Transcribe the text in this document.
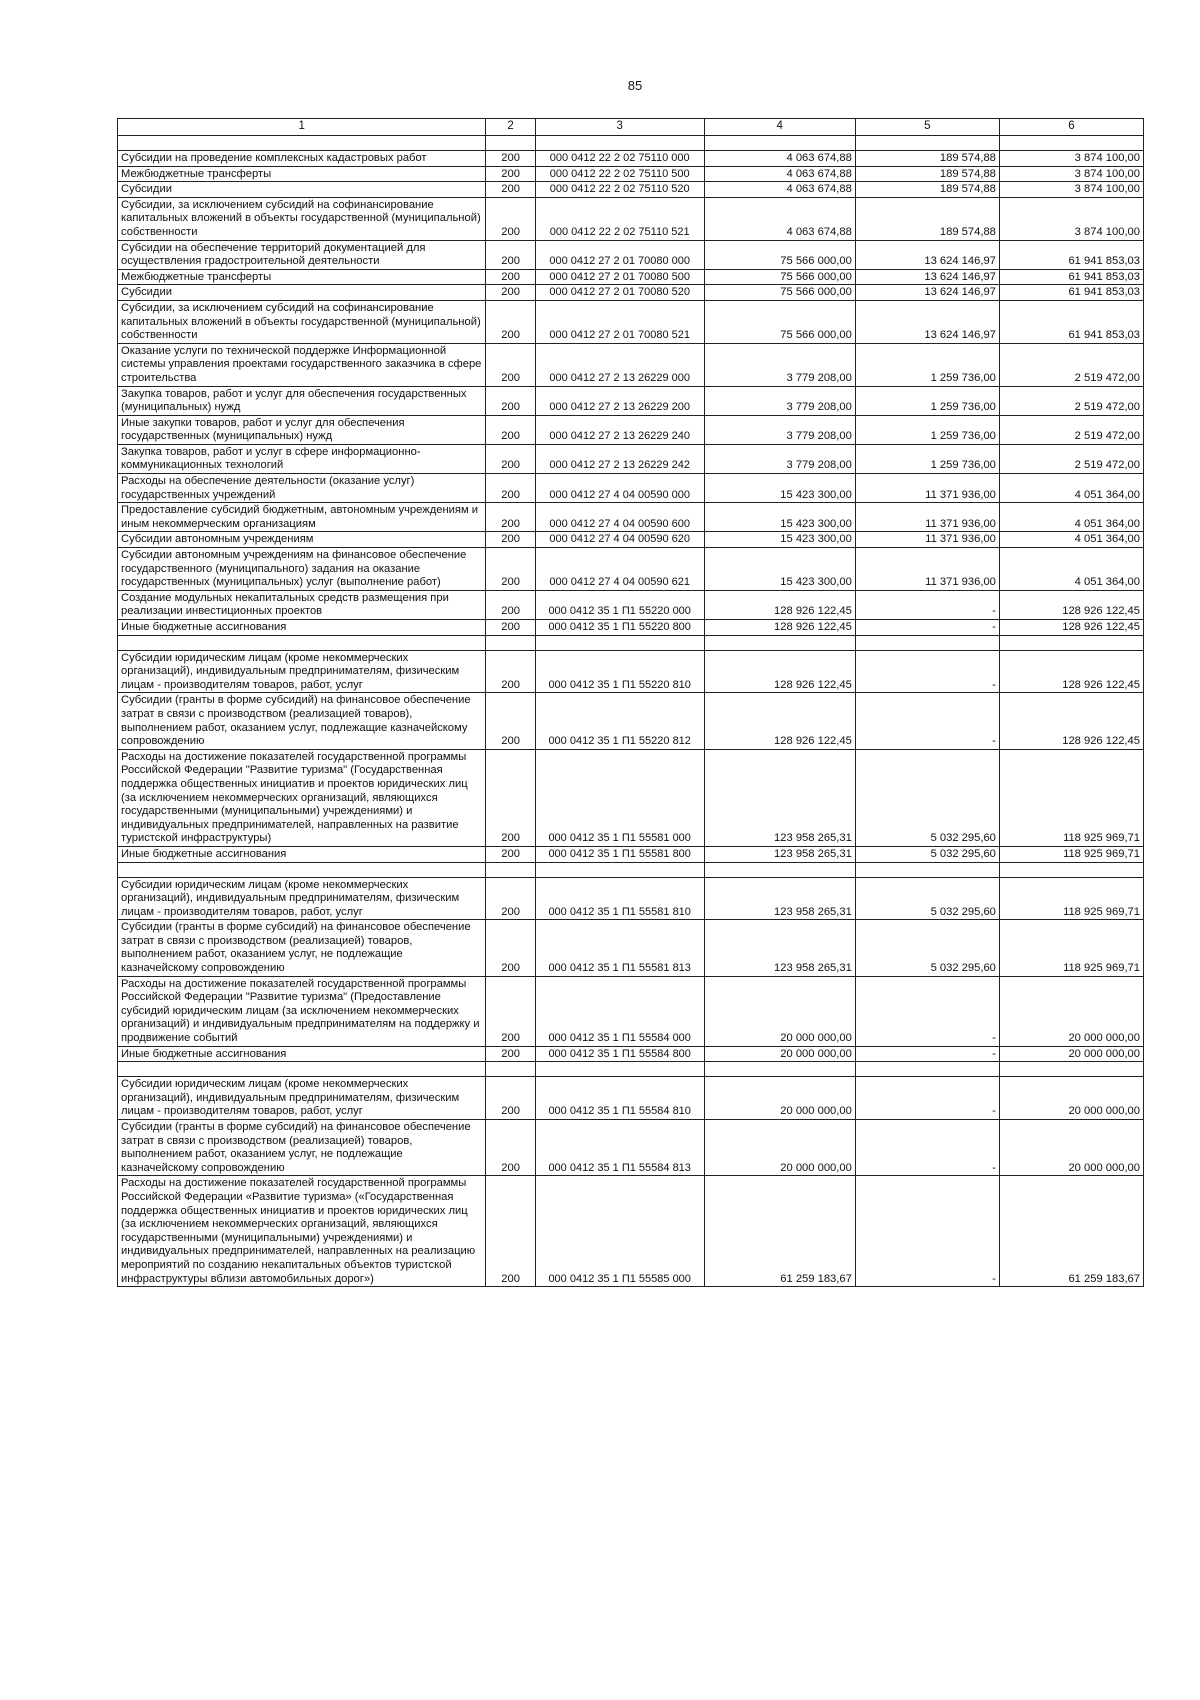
85
1	2	3	4	5	6

Субсидии на проведение комплексных кадастровых работ	200	000 0412 22 2 02 75110 000	4 063 674,88	189 574,88	3 874 100,00
Межбюджетные трансферты	200	000 0412 22 2 02 75110 500	4 063 674,88	189 574,88	3 874 100,00
Субсидии	200	000 0412 22 2 02 75110 520	4 063 674,88	189 574,88	3 874 100,00
Субсидии, за исключением субсидий на софинансирование капитальных вложений в объекты государственной (муниципальной) собственности	200	000 0412 22 2 02 75110 521	4 063 674,88	189 574,88	3 874 100,00
Субсидии на обеспечение территорий документацией для осуществления градостроительной деятельности	200	000 0412 27 2 01 70080 000	75 566 000,00	13 624 146,97	61 941 853,03
Межбюджетные трансферты	200	000 0412 27 2 01 70080 500	75 566 000,00	13 624 146,97	61 941 853,03
Субсидии	200	000 0412 27 2 01 70080 520	75 566 000,00	13 624 146,97	61 941 853,03
Субсидии, за исключением субсидий на софинансирование капитальных вложений в объекты государственной (муниципальной) собственности	200	000 0412 27 2 01 70080 521	75 566 000,00	13 624 146,97	61 941 853,03
Оказание услуги по технической поддержке Информационной системы управления проектами государственного заказчика в сфере строительства	200	000 0412 27 2 13 26229 000	3 779 208,00	1 259 736,00	2 519 472,00
Закупка товаров, работ и услуг для обеспечения государственных (муниципальных) нужд	200	000 0412 27 2 13 26229 200	3 779 208,00	1 259 736,00	2 519 472,00
Иные закупки товаров, работ и услуг для обеспечения государственных (муниципальных) нужд	200	000 0412 27 2 13 26229 240	3 779 208,00	1 259 736,00	2 519 472,00
Закупка товаров, работ и услуг в сфере информационно-коммуникационных технологий	200	000 0412 27 2 13 26229 242	3 779 208,00	1 259 736,00	2 519 472,00
Расходы на обеспечение деятельности (оказание услуг) государственных учреждений	200	000 0412 27 4 04 00590 000	15 423 300,00	11 371 936,00	4 051 364,00
Предоставление субсидий бюджетным, автономным учреждениям и иным некоммерческим организациям	200	000 0412 27 4 04 00590 600	15 423 300,00	11 371 936,00	4 051 364,00
Субсидии автономным учреждениям	200	000 0412 27 4 04 00590 620	15 423 300,00	11 371 936,00	4 051 364,00
Субсидии автономным учреждениям на финансовое обеспечение государственного (муниципального) задания на оказание государственных (муниципальных) услуг (выполнение работ)	200	000 0412 27 4 04 00590 621	15 423 300,00	11 371 936,00	4 051 364,00
Создание модульных некапитальных средств размещения при реализации инвестиционных проектов	200	000 0412 35 1 П1 55220 000	128 926 122,45	-	128 926 122,45
Иные бюджетные ассигнования	200	000 0412 35 1 П1 55220 800	128 926 122,45	-	128 926 122,45

Субсидии юридическим лицам (кроме некоммерческих организаций), индивидуальным предпринимателям, физическим лицам - производителям товаров, работ, услуг	200	000 0412 35 1 П1 55220 810	128 926 122,45	-	128 926 122,45
Субсидии (гранты в форме субсидий) на финансовое обеспечение затрат в связи с производством (реализацией товаров), выполнением работ, оказанием услуг, подлежащие казначейскому сопровождению	200	000 0412 35 1 П1 55220 812	128 926 122,45	-	128 926 122,45
Расходы на достижение показателей государственной программы Российской Федерации "Развитие туризма" (Государственная поддержка общественных инициатив и проектов юридических лиц (за исключением некоммерческих организаций, являющихся государственными (муниципальными) учреждениями) и индивидуальных предпринимателей, направленных на развитие туристской инфраструктуры)	200	000 0412 35 1 П1 55581 000	123 958 265,31	5 032 295,60	118 925 969,71
Иные бюджетные ассигнования	200	000 0412 35 1 П1 55581 800	123 958 265,31	5 032 295,60	118 925 969,71

Субсидии юридическим лицам (кроме некоммерческих организаций), индивидуальным предпринимателям, физическим лицам - производителям товаров, работ, услуг	200	000 0412 35 1 П1 55581 810	123 958 265,31	5 032 295,60	118 925 969,71
Субсидии (гранты в форме субсидий) на финансовое обеспечение затрат в связи с производством (реализацией) товаров, выполнением работ, оказанием услуг, не подлежащие казначейскому сопровождению	200	000 0412 35 1 П1 55581 813	123 958 265,31	5 032 295,60	118 925 969,71
Расходы на достижение показателей государственной программы Российской Федерации "Развитие туризма" (Предоставление субсидий юридическим лицам (за исключением некоммерческих организаций) и индивидуальным предпринимателям на поддержку и продвижение событий	200	000 0412 35 1 П1 55584 000	20 000 000,00	-	20 000 000,00
Иные бюджетные ассигнования	200	000 0412 35 1 П1 55584 800	20 000 000,00	-	20 000 000,00

Субсидии юридическим лицам (кроме некоммерческих организаций), индивидуальным предпринимателям, физическим лицам - производителям товаров, работ, услуг	200	000 0412 35 1 П1 55584 810	20 000 000,00	-	20 000 000,00
Субсидии (гранты в форме субсидий) на финансовое обеспечение затрат в связи с производством (реализацией) товаров, выполнением работ, оказанием услуг, не подлежащие казначейскому сопровождению	200	000 0412 35 1 П1 55584 813	20 000 000,00	-	20 000 000,00
Расходы на достижение показателей государственной программы Российской Федерации «Развитие туризма» («Государственная поддержка общественных инициатив и проектов юридических лиц (за исключением некоммерческих организаций, являющихся государственными (муниципальными) учреждениями) и индивидуальных предпринимателей, направленных на реализацию мероприятий по созданию некапитальных объектов туристской инфраструктуры вблизи автомобильных дорог»)	200	000 0412 35 1 П1 55585 000	61 259 183,67	-	61 259 183,67
